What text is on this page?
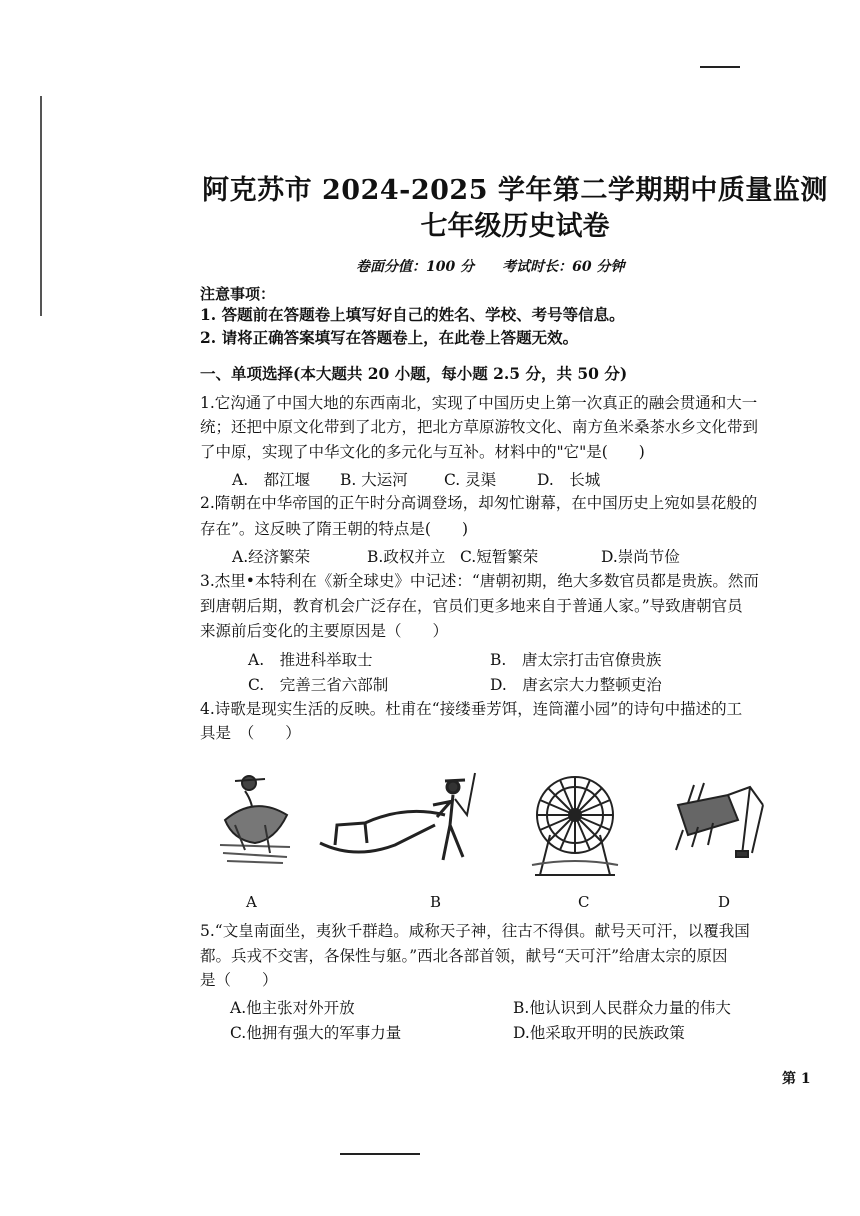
阿克苏市 2024-2025 学年第二学期期中质量监测
七年级历史试卷
卷面分值：100 分 考试时长：60 分钟
注意事项：
1. 答题前在答题卷上填写好自己的姓名、学校、考号等信息。
2. 请将正确答案填写在答题卷上，在此卷上答题无效。
一、单项选择(本大题共 20 小题，每小题 2.5 分，共 50 分)
1.它沟通了中国大地的东西南北，实现了中国历史上第一次真正的融会贯通和大一
统；还把中原文化带到了北方，把北方草原游牧文化、南方鱼米桑茶水乡文化带到
了中原，实现了中华文化的多元化与互补。材料中的"它"是(　　)
A.　都江堰 B. 大运河 C. 灵渠	D.　长城
2.隋朝在中华帝国的正午时分高调登场，却匆忙谢幕，在中国历史上宛如昙花般的
存在”。这反映了隋王朝的特点是(　　)
A.经济繁荣	B.政权并立 C.短暂繁荣	D.崇尚节俭
3.杰里•本特利在《新全球史》中记述：“唐朝初期，绝大多数官员都是贵族。然而
到唐朝后期，教育机会广泛存在，官员们更多地来自于普通人家。”导致唐朝官员
来源前后变化的主要原因是（　　）
A.　推进科举取士	B.　唐太宗打击官僚贵族
C.　完善三省六部制	D.　唐玄宗大力整顿吏治
4.诗歌是现实生活的反映。杜甫在“接缕垂芳饵，连筒灌小园”的诗句中描述的工
具是　（　　）
A	B	C	D
5.“文皇南面坐，夷狄千群趋。咸称天子神，往古不得俱。献号天可汗，以覆我国
都。兵戎不交害，各保性与躯。”西北各部首领，献号“天可汗”给唐太宗的原因
是（　　）
A.他主张对外开放	B.他认识到人民群众力量的伟大
C.他拥有强大的军事力量	D.他采取开明的民族政策
第 1
